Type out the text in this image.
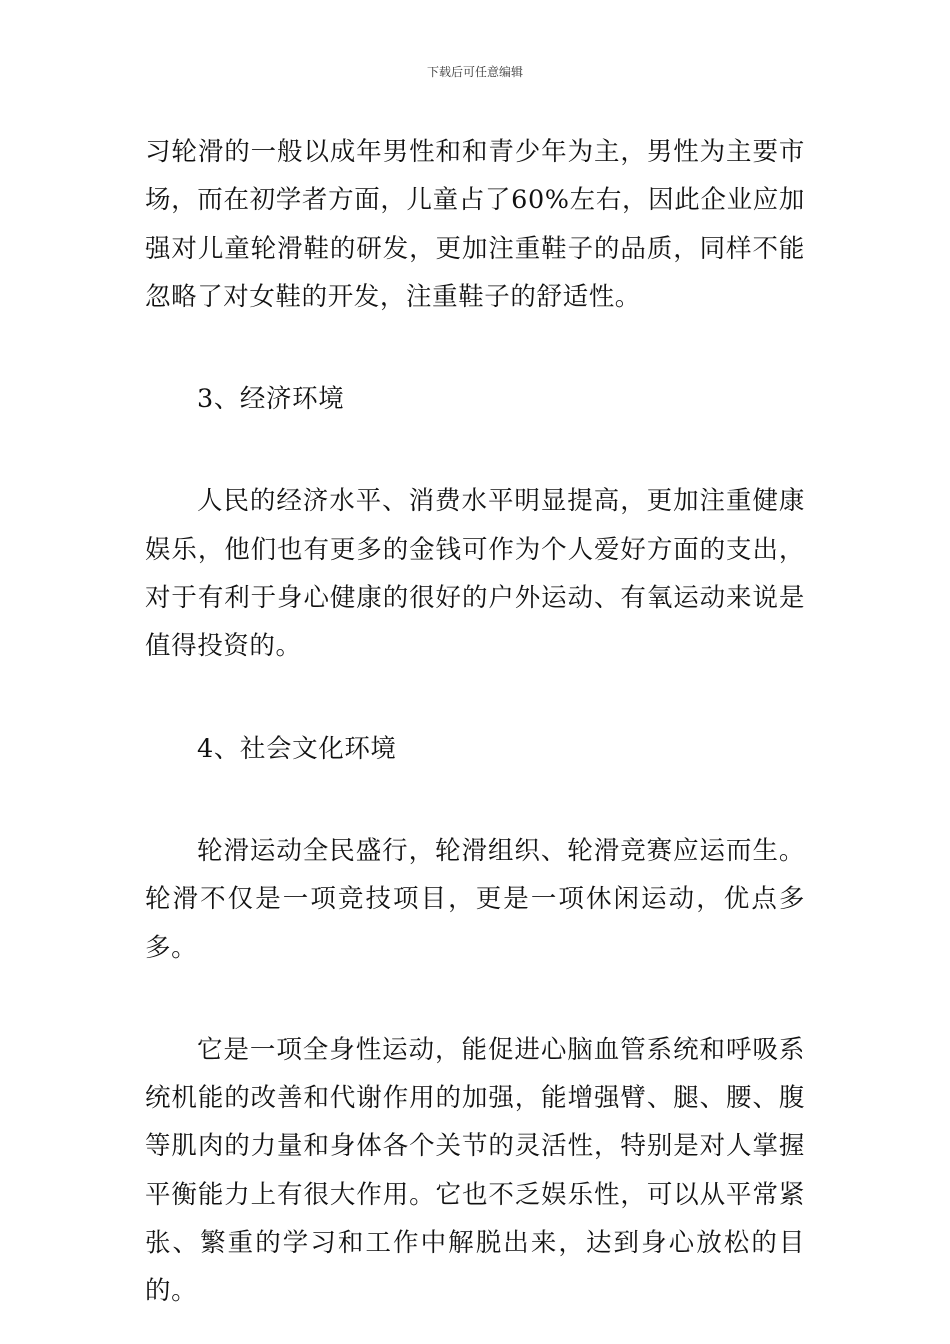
下载后可任意编辑

习轮滑的一般以成年男性和和青少年为主，男性为主要市场，而在初学者方面，儿童占了60%左右，因此企业应加强对儿童轮滑鞋的研发，更加注重鞋子的品质，同样不能忽略了对女鞋的开发，注重鞋子的舒适性。

3、经济环境

人民的经济水平、消费水平明显提高，更加注重健康娱乐，他们也有更多的金钱可作为个人爱好方面的支出，对于有利于身心健康的很好的户外运动、有氧运动来说是值得投资的。

4、社会文化环境

轮滑运动全民盛行，轮滑组织、轮滑竞赛应运而生。轮滑不仅是一项竞技项目，更是一项休闲运动，优点多多。

它是一项全身性运动，能促进心脑血管系统和呼吸系统机能的改善和代谢作用的加强，能增强臂、腿、腰、腹等肌肉的力量和身体各个关节的灵活性，特别是对人掌握平衡能力上有很大作用。它也不乏娱乐性，可以从平常紧张、繁重的学习和工作中解脱出来，达到身心放松的目的。
